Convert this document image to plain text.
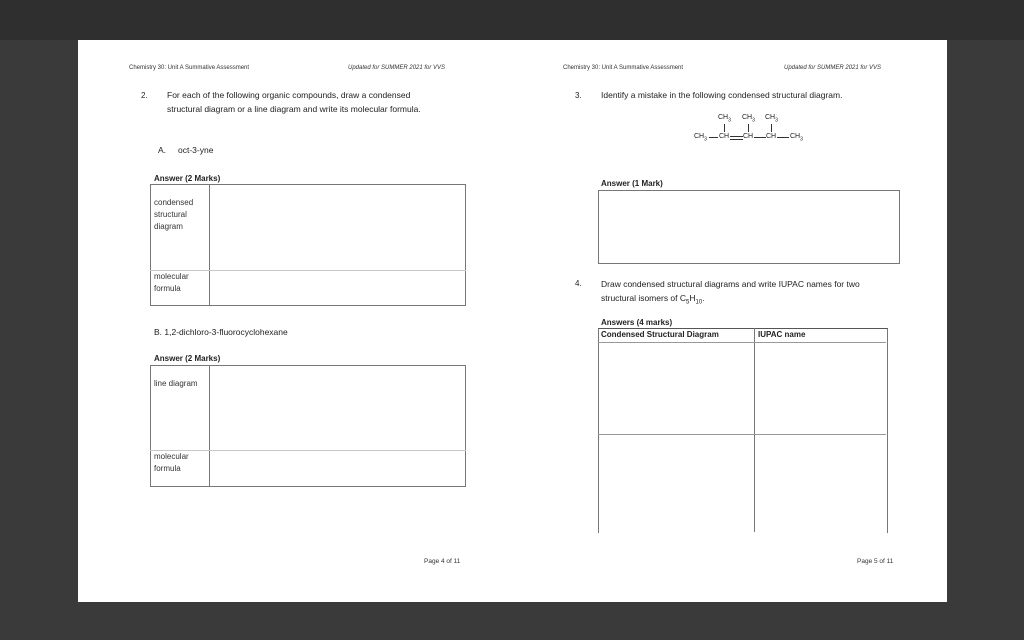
Chemistry 30: Unit A Summative Assessment	Updated for SUMMER 2021 for VVS
2. For each of the following organic compounds, draw a condensed
structural diagram or a line diagram and write its molecular formula.
A. oct-3-yne
Answer (2 Marks)
condensed
structural
diagram
molecular
formula
B. 1,2-dichloro-3-fluorocyclohexane
Answer (2 Marks)
line diagram
molecular
formula
Page 4 of 11
Chemistry 30: Unit A Summative Assessment	Updated for SUMMER 2021 for VVS
3. Identify a mistake in the following condensed structural diagram.
$CH_3$ $CH_3$ $CH_3$
$CH_3$ CH CH CH $CH_3$
Answer (1 Mark)
4. Draw condensed structural diagrams and write IUPAC names for two
structural isomers of $C_5H_{10}$.
Answers (4 marks)
Condensed Structural Diagram	IUPAC name
Page 5 of 11
